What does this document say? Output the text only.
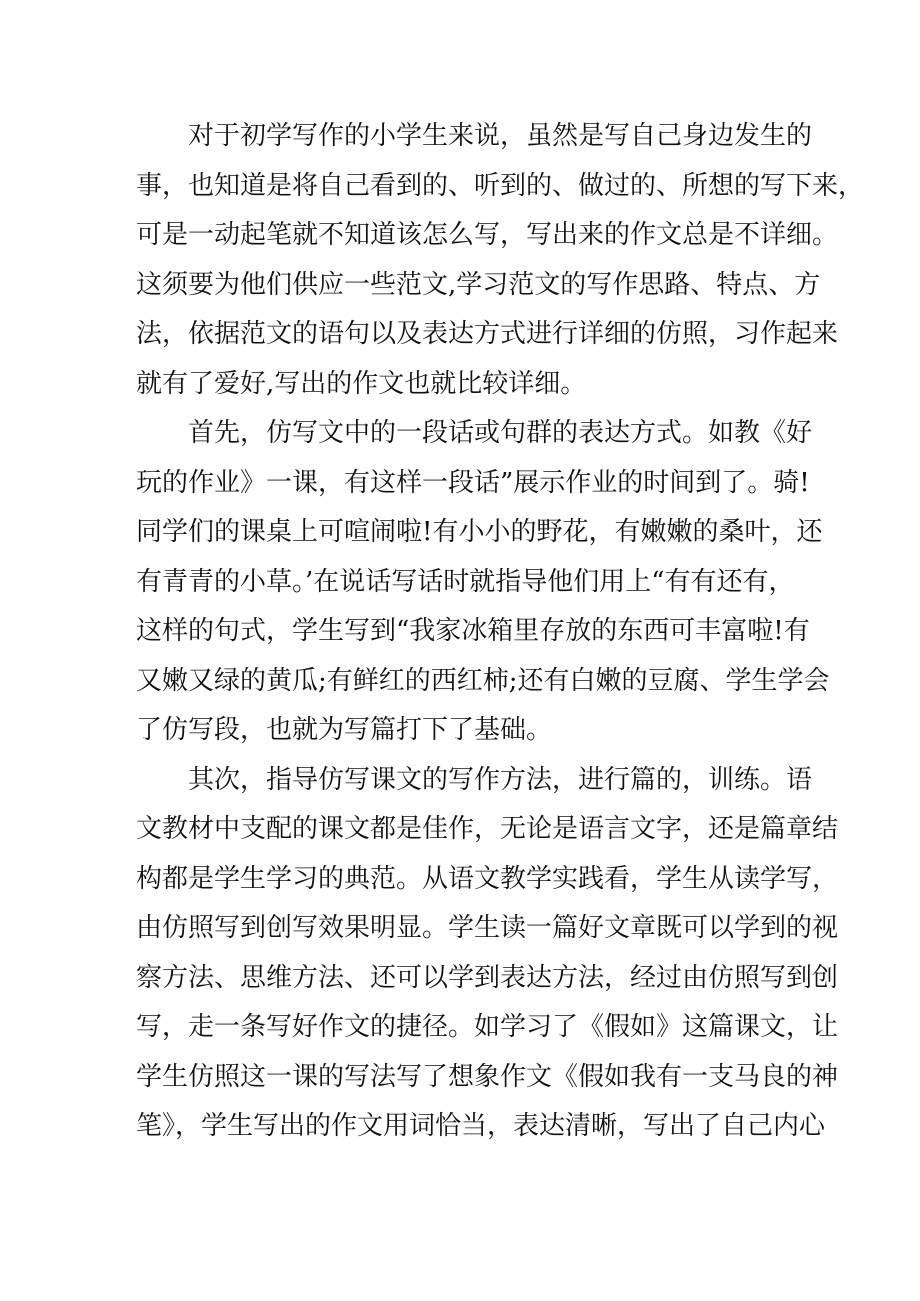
对于初学写作的小学生来说，虽然是写自己身边发生的
事，也知道是将自己看到的、听到的、做过的、所想的写下来，
可是一动起笔就不知道该怎么写，写出来的作文总是不详细。
这须要为他们供应一些范文,学习范文的写作思路、特点、方
法，依据范文的语句以及表达方式进行详细的仿照，习作起来
就有了爱好,写出的作文也就比较详细。
首先，仿写文中的一段话或句群的表达方式。如教《好
玩的作业》一课，有这样一段话”展示作业的时间到了。骑!
同学们的课桌上可喧闹啦!有小小的野花，有嫩嫩的桑叶，还
有青青的小草。’在说话写话时就指导他们用上“有有还有，
这样的句式，学生写到“我家冰箱里存放的东西可丰富啦!有
又嫩又绿的黄瓜;有鲜红的西红柿;还有白嫩的豆腐、学生学会
了仿写段，也就为写篇打下了基础。
其次，指导仿写课文的写作方法，进行篇的，训练。语
文教材中支配的课文都是佳作，无论是语言文字，还是篇章结
构都是学生学习的典范。从语文教学实践看，学生从读学写，
由仿照写到创写效果明显。学生读一篇好文章既可以学到的视
察方法、思维方法、还可以学到表达方法，经过由仿照写到创
写，走一条写好作文的捷径。如学习了《假如》这篇课文，让
学生仿照这一课的写法写了想象作文《假如我有一支马良的神
笔》，学生写出的作文用词恰当，表达清晰，写出了自己内心
